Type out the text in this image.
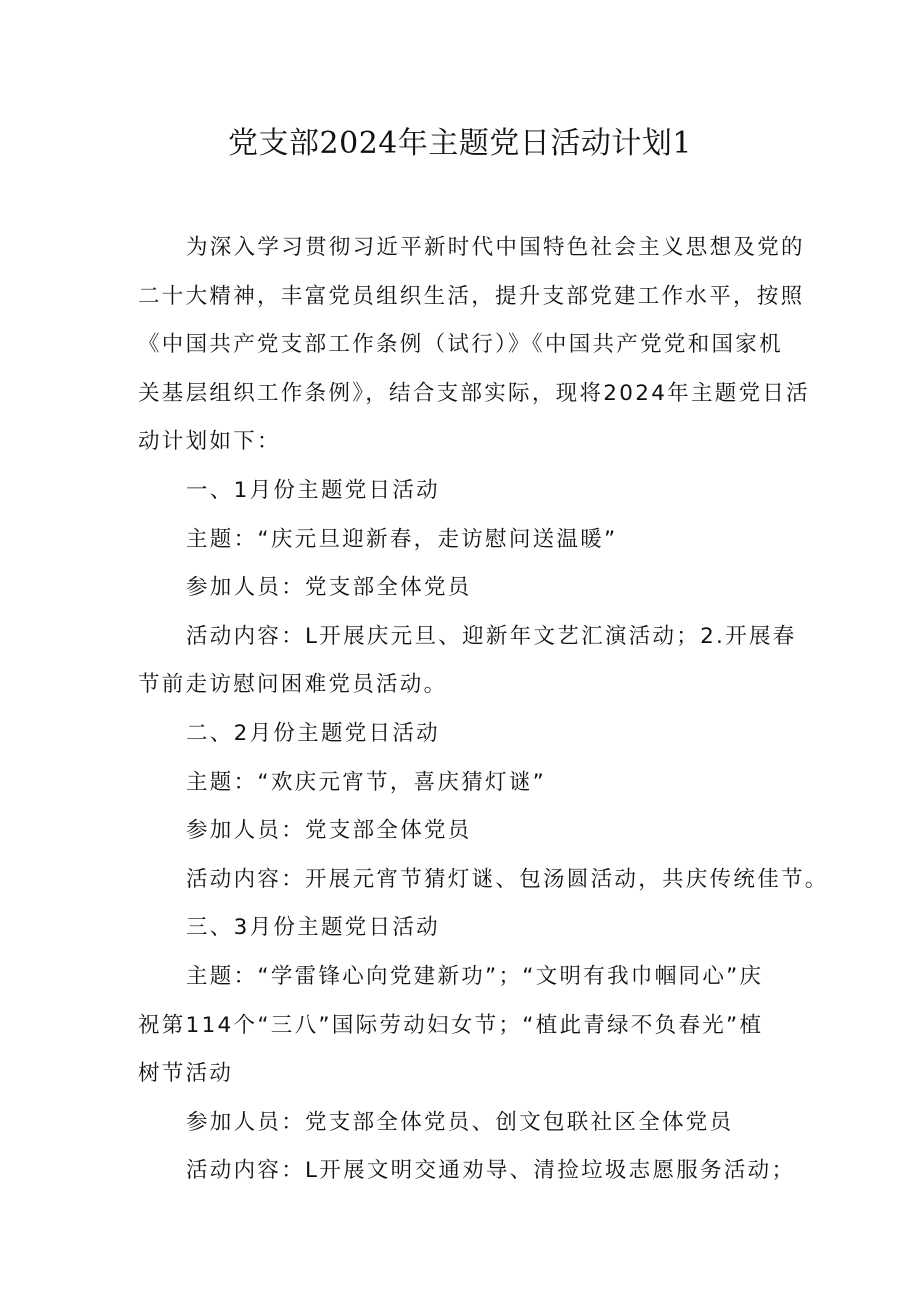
党支部2024年主题党日活动计划1
为深入学习贯彻习近平新时代中国特色社会主义思想及党的
二十大精神，丰富党员组织生活，提升支部党建工作水平，按照
《中国共产党支部工作条例（试行）》《中国共产党党和国家机
关基层组织工作条例》，结合支部实际，现将2024年主题党日活
动计划如下：
一、1月份主题党日活动
主题：“庆元旦迎新春，走访慰问送温暖”
参加人员：党支部全体党员
活动内容：L开展庆元旦、迎新年文艺汇演活动；2.开展春
节前走访慰问困难党员活动。
二、2月份主题党日活动
主题：“欢庆元宵节，喜庆猜灯谜”
参加人员：党支部全体党员
活动内容：开展元宵节猜灯谜、包汤圆活动，共庆传统佳节。
三、3月份主题党日活动
主题：“学雷锋心向党建新功”；“文明有我巾帼同心”庆
祝第114个“三八”国际劳动妇女节；“植此青绿不负春光”植
树节活动
参加人员：党支部全体党员、创文包联社区全体党员
活动内容：L开展文明交通劝导、清捡垃圾志愿服务活动；
